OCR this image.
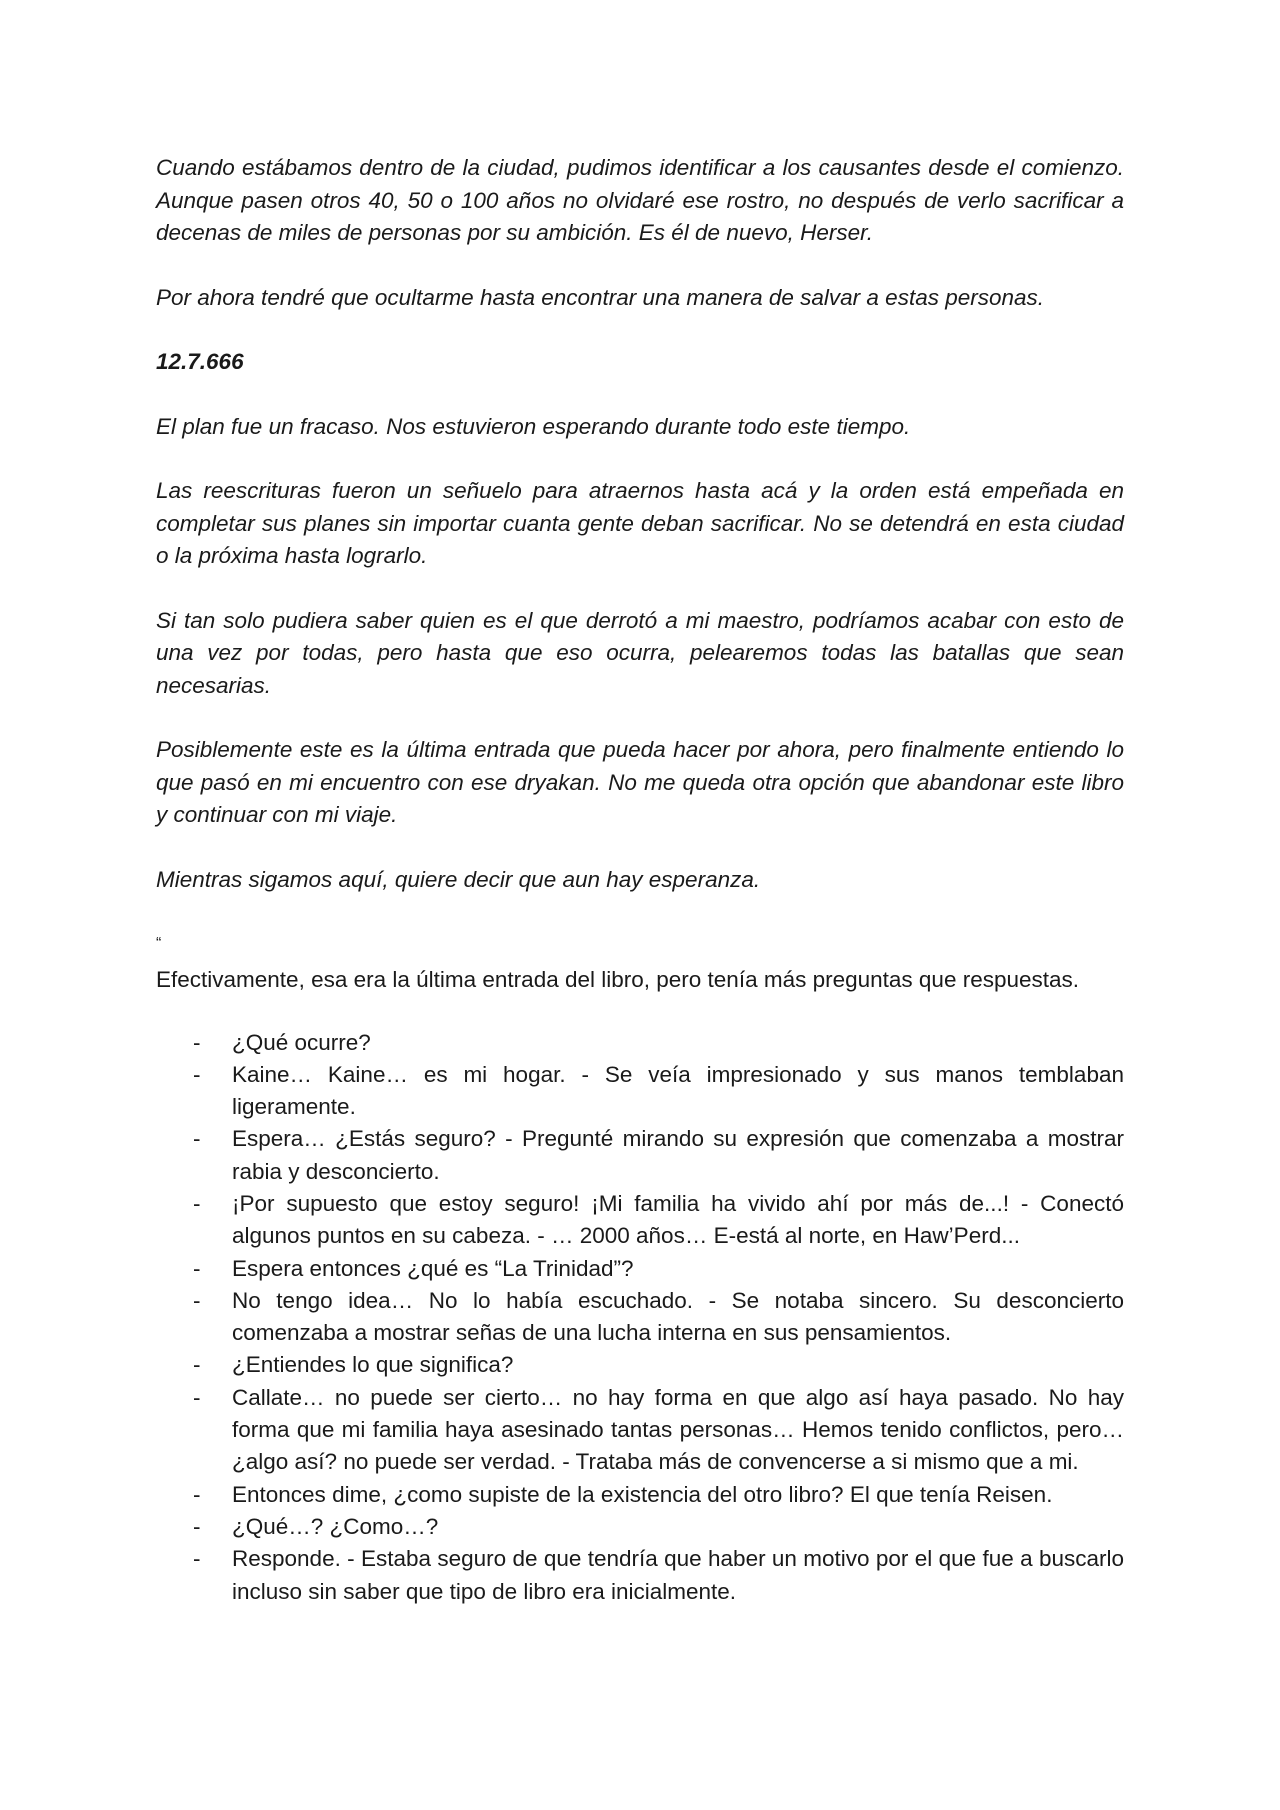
Cuando estábamos dentro de la ciudad, pudimos identificar a los causantes desde el comienzo. Aunque pasen otros 40, 50 o 100 años no olvidaré ese rostro, no después de verlo sacrificar a decenas de miles de personas por su ambición. Es él de nuevo, Herser.

Por ahora tendré que ocultarme hasta encontrar una manera de salvar a estas personas.

12.7.666

El plan fue un fracaso. Nos estuvieron esperando durante todo este tiempo.

Las reescrituras fueron un señuelo para atraernos hasta acá y la orden está empeñada en completar sus planes sin importar cuanta gente deban sacrificar. No se detendrá en esta ciudad o la próxima hasta lograrlo.

Si tan solo pudiera saber quien es el que derrotó a mi maestro, podríamos acabar con esto de una vez por todas, pero hasta que eso ocurra, pelearemos todas las batallas que sean necesarias.

Posiblemente este es la última entrada que pueda hacer por ahora, pero finalmente entiendo lo que pasó en mi encuentro con ese dryakan. No me queda otra opción que abandonar este libro y continuar con mi viaje.

Mientras sigamos aquí, quiere decir que aun hay esperanza.

“

Efectivamente, esa era la última entrada del libro, pero tenía más preguntas que respuestas.

- ¿Qué ocurre?
- Kaine… Kaine… es mi hogar. - Se veía impresionado y sus manos temblaban ligeramente.
- Espera… ¿Estás seguro? - Pregunté mirando su expresión que comenzaba a mostrar rabia y desconcierto.
- ¡Por supuesto que estoy seguro! ¡Mi familia ha vivido ahí por más de...! - Conectó algunos puntos en su cabeza. - … 2000 años… E-está al norte, en Haw’Perd...
- Espera entonces ¿qué es “La Trinidad”?
- No tengo idea… No lo había escuchado. - Se notaba sincero. Su desconcierto comenzaba a mostrar señas de una lucha interna en sus pensamientos.
- ¿Entiendes lo que significa?
- Callate… no puede ser cierto… no hay forma en que algo así haya pasado. No hay forma que mi familia haya asesinado tantas personas… Hemos tenido conflictos, pero… ¿algo así? no puede ser verdad. - Trataba más de convencerse a si mismo que a mi.
- Entonces dime, ¿como supiste de la existencia del otro libro? El que tenía Reisen.
- ¿Qué…? ¿Como…?
- Responde. - Estaba seguro de que tendría que haber un motivo por el que fue a buscarlo incluso sin saber que tipo de libro era inicialmente.
